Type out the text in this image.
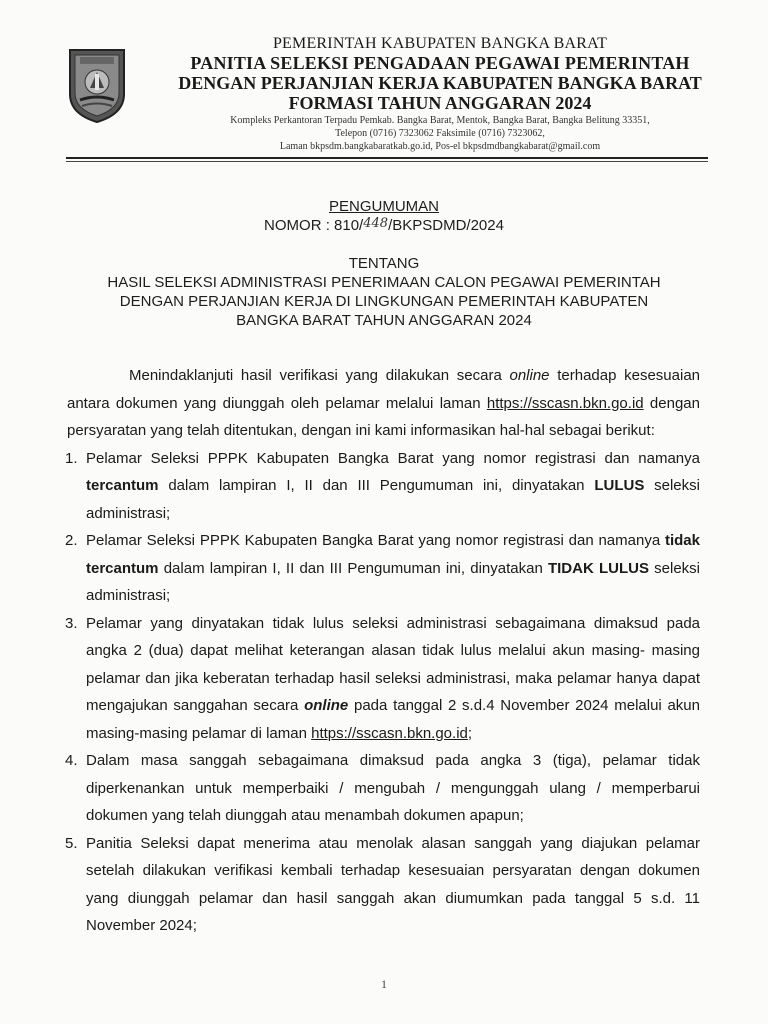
PEMERINTAH KABUPATEN BANGKA BARAT
PANITIA SELEKSI PENGADAAN PEGAWAI PEMERINTAH
DENGAN PERJANJIAN KERJA KABUPATEN BANGKA BARAT
FORMASI TAHUN ANGGARAN 2024
Kompleks Perkantoran Terpadu Pemkab. Bangka Barat, Mentok, Bangka Barat, Bangka Belitung 33351,
Telepon (0716) 7323062 Faksimile (0716) 7323062,
Laman bkpsdm.bangkabaratkab.go.id, Pos-el bkpsdmdbangkabarat@gmail.com
PENGUMUMAN
NOMOR : 810/448/BKPSDMD/2024
TENTANG
HASIL SELEKSI ADMINISTRASI PENERIMAAN CALON PEGAWAI PEMERINTAH
DENGAN PERJANJIAN KERJA DI LINGKUNGAN PEMERINTAH KABUPATEN
BANGKA BARAT TAHUN ANGGARAN 2024

Menindaklanjuti hasil verifikasi yang dilakukan secara online terhadap kesesuaian antara dokumen yang diunggah oleh pelamar melalui laman https://sscasn.bkn.go.id dengan persyaratan yang telah ditentukan, dengan ini kami informasikan hal-hal sebagai berikut:

1. Pelamar Seleksi PPPK Kabupaten Bangka Barat yang nomor registrasi dan namanya tercantum dalam lampiran I, II dan III Pengumuman ini, dinyatakan LULUS seleksi administrasi;
2. Pelamar Seleksi PPPK Kabupaten Bangka Barat yang nomor registrasi dan namanya tidak tercantum dalam lampiran I, II dan III Pengumuman ini, dinyatakan TIDAK LULUS seleksi administrasi;
3. Pelamar yang dinyatakan tidak lulus seleksi administrasi sebagaimana dimaksud pada angka 2 (dua) dapat melihat keterangan alasan tidak lulus melalui akun masing- masing pelamar dan jika keberatan terhadap hasil seleksi administrasi, maka pelamar hanya dapat mengajukan sanggahan secara online pada tanggal 2 s.d.4 November 2024 melalui akun masing-masing pelamar di laman https://sscasn.bkn.go.id;
4. Dalam masa sanggah sebagaimana dimaksud pada angka 3 (tiga), pelamar tidak diperkenankan untuk memperbaiki / mengubah / mengunggah ulang / memperbarui dokumen yang telah diunggah atau menambah dokumen apapun;
5. Panitia Seleksi dapat menerima atau menolak alasan sanggah yang diajukan pelamar setelah dilakukan verifikasi kembali terhadap kesesuaian persyaratan dengan dokumen yang diunggah pelamar dan hasil sanggah akan diumumkan pada tanggal 5 s.d. 11 November 2024;
1
